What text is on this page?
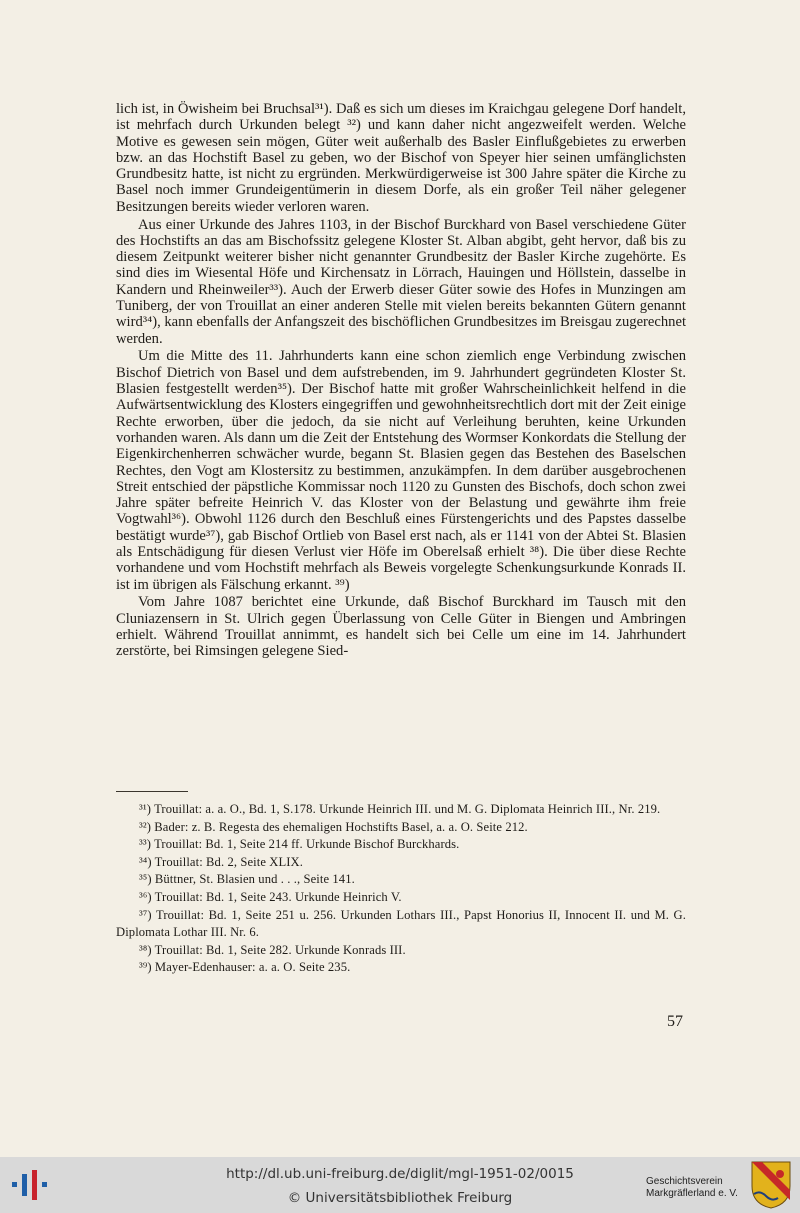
lich ist, in Öwisheim bei Bruchsal³¹). Daß es sich um dieses im Kraichgau gelegene Dorf handelt, ist mehrfach durch Urkunden belegt ³²) und kann daher nicht angezweifelt werden. Welche Motive es gewesen sein mögen, Güter weit außerhalb des Basler Einflußgebietes zu erwerben bzw. an das Hochstift Basel zu geben, wo der Bischof von Speyer hier seinen umfänglichsten Grundbesitz hatte, ist nicht zu ergründen. Merkwürdigerweise ist 300 Jahre später die Kirche zu Basel noch immer Grundeigentümerin in diesem Dorfe, als ein großer Teil näher gelegener Besitzungen bereits wieder verloren waren.

Aus einer Urkunde des Jahres 1103, in der Bischof Burckhard von Basel verschiedene Güter des Hochstifts an das am Bischofssitz gelegene Kloster St. Alban abgibt, geht hervor, daß bis zu diesem Zeitpunkt weiterer bisher nicht genannter Grundbesitz der Basler Kirche zugehörte. Es sind dies im Wiesental Höfe und Kirchensatz in Lörrach, Hauingen und Höllstein, dasselbe in Kandern und Rheinweiler³³). Auch der Erwerb dieser Güter sowie des Hofes in Munzingen am Tuniberg, der von Trouillat an einer anderen Stelle mit vielen bereits bekannten Gütern genannt wird³⁴), kann ebenfalls der Anfangszeit des bischöflichen Grundbesitzes im Breisgau zugerechnet werden.

Um die Mitte des 11. Jahrhunderts kann eine schon ziemlich enge Verbindung zwischen Bischof Dietrich von Basel und dem aufstrebenden, im 9. Jahrhundert gegründeten Kloster St. Blasien festgestellt werden³⁵). Der Bischof hatte mit großer Wahrscheinlichkeit helfend in die Aufwärtsentwicklung des Klosters eingegriffen und gewohnheitsrechtlich dort mit der Zeit einige Rechte erworben, über die jedoch, da sie nicht auf Verleihung beruhten, keine Urkunden vorhanden waren. Als dann um die Zeit der Entstehung des Wormser Konkordats die Stellung der Eigenkirchenherren schwächer wurde, begann St. Blasien gegen das Bestehen des Baselschen Rechtes, den Vogt am Klostersitz zu bestimmen, anzukämpfen. In dem darüber ausgebrochenen Streit entschied der päpstliche Kommissar noch 1120 zu Gunsten des Bischofs, doch schon zwei Jahre später befreite Heinrich V. das Kloster von der Belastung und gewährte ihm freie Vogtwahl³⁶). Obwohl 1126 durch den Beschluß eines Fürstengerichts und des Papstes dasselbe bestätigt wurde³⁷), gab Bischof Ortlieb von Basel erst nach, als er 1141 von der Abtei St. Blasien als Entschädigung für diesen Verlust vier Höfe im Oberelsaß erhielt ³⁸). Die über diese Rechte vorhandene und vom Hochstift mehrfach als Beweis vorgelegte Schenkungsurkunde Konrads II. ist im übrigen als Fälschung erkannt. ³⁹)

Vom Jahre 1087 berichtet eine Urkunde, daß Bischof Burckhard im Tausch mit den Cluniazensern in St. Ulrich gegen Überlassung von Celle Güter in Biengen und Ambringen erhielt. Während Trouillat annimmt, es handelt sich bei Celle um eine im 14. Jahrhundert zerstörte, bei Rimsingen gelegene Sied-

³¹) Trouillat: a. a. O., Bd. 1, S.178. Urkunde Heinrich III. und M. G. Diplomata Heinrich III., Nr. 219.

³²) Bader: z. B. Regesta des ehemaligen Hochstifts Basel, a. a. O. Seite 212.

³³) Trouillat: Bd. 1, Seite 214 ff. Urkunde Bischof Burckhards.

³⁴) Trouillat: Bd. 2, Seite XLIX.

³⁵) Büttner, St. Blasien und . . ., Seite 141.

³⁶) Trouillat: Bd. 1, Seite 243. Urkunde Heinrich V.

³⁷) Trouillat: Bd. 1, Seite 251 u. 256. Urkunden Lothars III., Papst Honorius II, Innocent II. und M. G. Diplomata Lothar III. Nr. 6.

³⁸) Trouillat: Bd. 1, Seite 282. Urkunde Konrads III.

³⁹) Mayer-Edenhauser: a. a. O. Seite 235.

57
http://dl.ub.uni-freiburg.de/diglit/mgl-1951-02/0015
© Universitätsbibliothek Freiburg
Geschichtsverein
Markgräflerland e. V.
